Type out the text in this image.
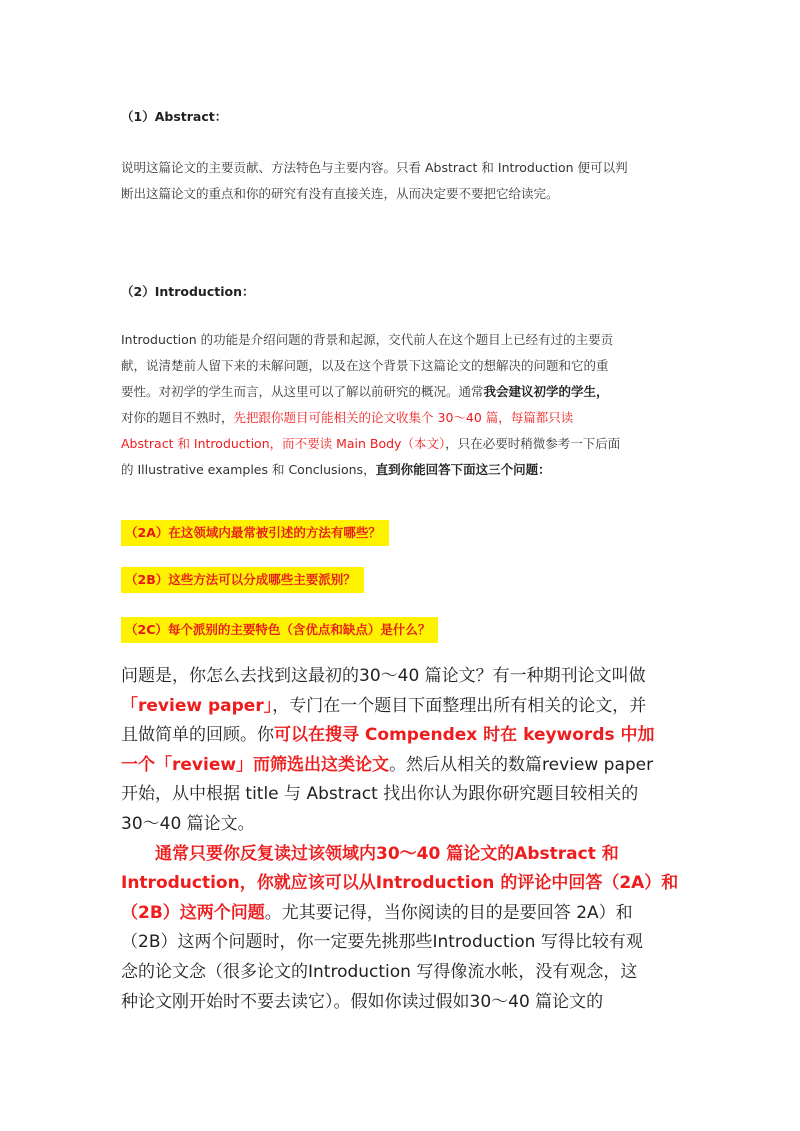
（1）Abstract：

说明这篇论文的主要贡献、方法特色与主要内容。只看 Abstract 和 Introduction 便可以判

断出这篇论文的重点和你的研究有没有直接关连，从而决定要不要把它给读完。

（2）Introduction：

Introduction 的功能是介绍问题的背景和起源，交代前人在这个题目上已经有过的主要贡

献，说清楚前人留下来的未解问题，以及在这个背景下这篇论文的想解决的问题和它的重

要性。对初学的学生而言，从这里可以了解以前研究的概况。通常我会建议初学的学生，

对你的题目不熟时，先把跟你题目可能相关的论文收集个 30～40 篇，每篇都只读

Abstract 和 Introduction，而不要读 Main Body（本文），只在必要时稍微参考一下后面

的 Illustrative examples 和 Conclusions，直到你能回答下面这三个问题：

（2A）在这领域内最常被引述的方法有哪些？
（2B）这些方法可以分成哪些主要派别？
（2C）每个派别的主要特色（含优点和缺点）是什么？

问题是，你怎么去找到这最初的30～40 篇论文？有一种期刊论文叫做

「review paper」，专门在一个题目下面整理出所有相关的论文，并

且做简单的回顾。你可以在搜寻 Compendex 时在 keywords 中加

一个「review」而筛选出这类论文。然后从相关的数篇review paper

开始，从中根据 title 与 Abstract 找出你认为跟你研究题目较相关的

30～40 篇论文。

通常只要你反复读过该领域内30～40 篇论文的Abstract 和

Introduction，你就应该可以从Introduction 的评论中回答（2A）和

（2B）这两个问题。尤其要记得，当你阅读的目的是要回答 2A）和

（2B）这两个问题时，你一定要先挑那些Introduction 写得比较有观

念的论文念（很多论文的Introduction 写得像流水帐，没有观念，这

种论文刚开始时不要去读它）。假如你读过假如30～40 篇论文的
